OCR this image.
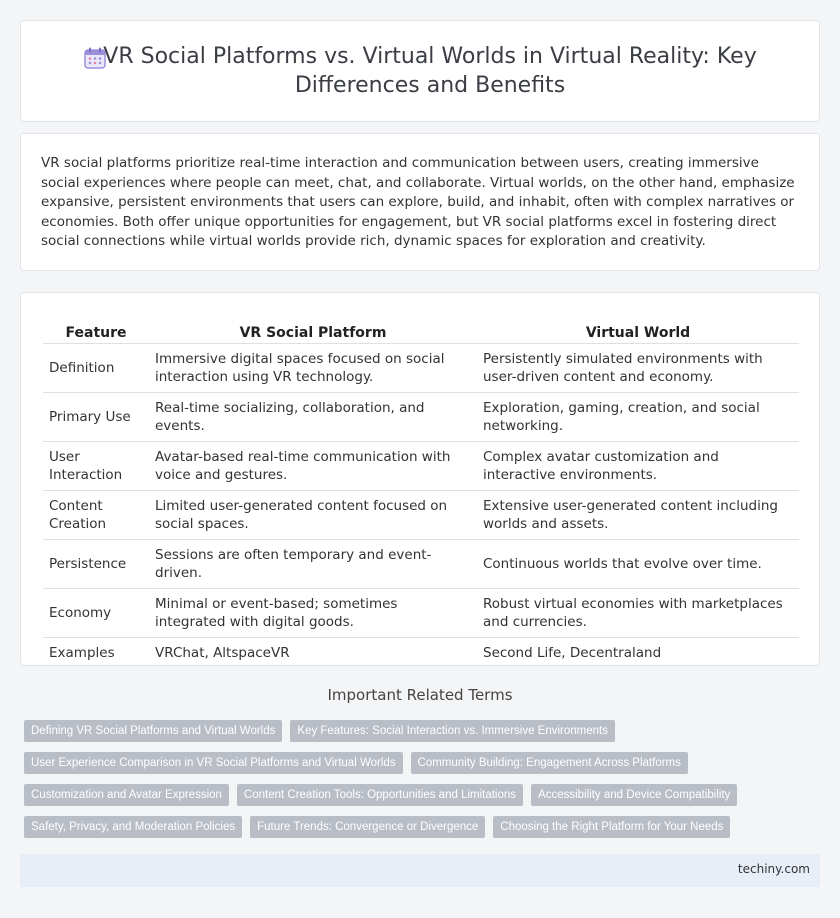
VR Social Platforms vs. Virtual Worlds in Virtual Reality: Key Differences and Benefits

VR social platforms prioritize real-time interaction and communication between users, creating immersive social experiences where people can meet, chat, and collaborate. Virtual worlds, on the other hand, emphasize expansive, persistent environments that users can explore, build, and inhabit, often with complex narratives or economies. Both offer unique opportunities for engagement, but VR social platforms excel in fostering direct social connections while virtual worlds provide rich, dynamic spaces for exploration and creativity.

Feature	VR Social Platform	Virtual World
Definition	Immersive digital spaces focused on social interaction using VR technology.	Persistently simulated environments with user-driven content and economy.
Primary Use	Real-time socializing, collaboration, and events.	Exploration, gaming, creation, and social networking.
User Interaction	Avatar-based real-time communication with voice and gestures.	Complex avatar customization and interactive environments.
Content Creation	Limited user-generated content focused on social spaces.	Extensive user-generated content including worlds and assets.
Persistence	Sessions are often temporary and event-driven.	Continuous worlds that evolve over time.
Economy	Minimal or event-based; sometimes integrated with digital goods.	Robust virtual economies with marketplaces and currencies.
Examples	VRChat, AltspaceVR	Second Life, Decentraland
Important Related Terms
Defining VR Social Platforms and Virtual Worlds	Key Features: Social Interaction vs. Immersive Environments
User Experience Comparison in VR Social Platforms and Virtual Worlds	Community Building: Engagement Across Platforms
Customization and Avatar Expression	Content Creation Tools: Opportunities and Limitations	Accessibility and Device Compatibility
Safety, Privacy, and Moderation Policies	Future Trends: Convergence or Divergence	Choosing the Right Platform for Your Needs
techiny.com
